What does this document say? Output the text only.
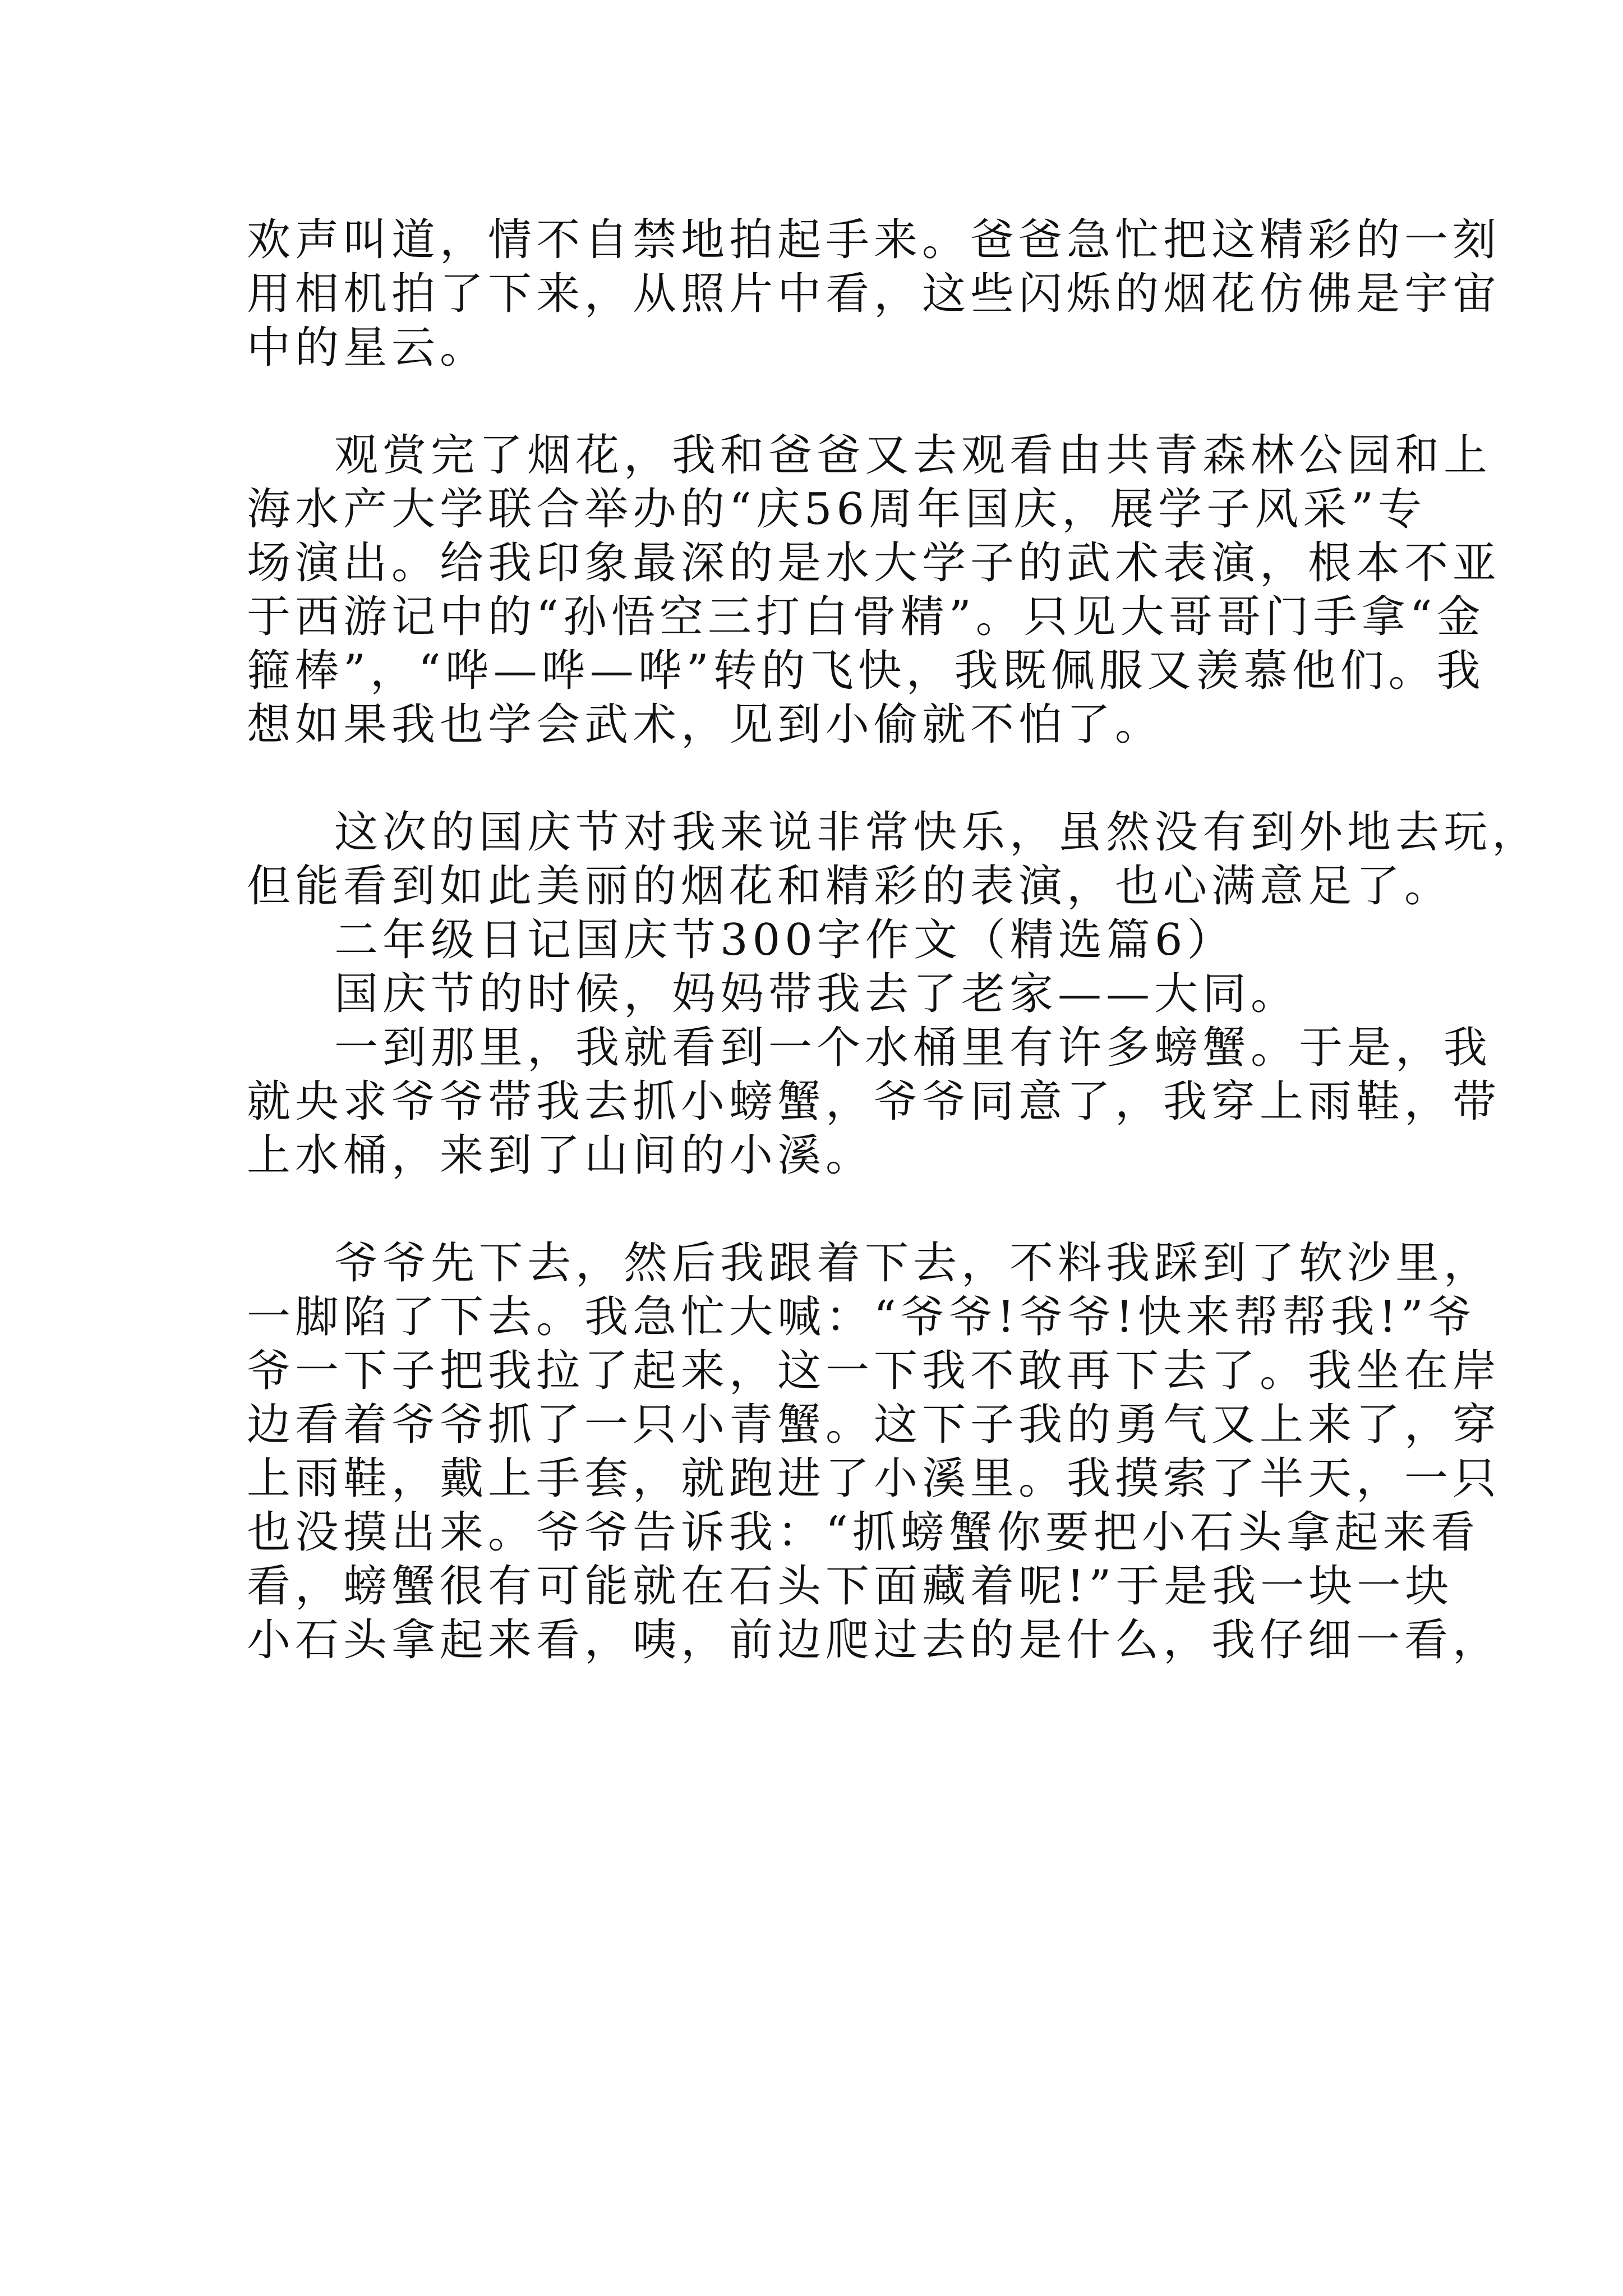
欢声叫道，情不自禁地拍起手来。爸爸急忙把这精彩的一刻

用相机拍了下来，从照片中看，这些闪烁的烟花仿佛是宇宙

中的星云。

观赏完了烟花，我和爸爸又去观看由共青森林公园和上

海水产大学联合举办的“庆56周年国庆，展学子风采”专

场演出。给我印象最深的是水大学子的武术表演，根本不亚

于西游记中的“孙悟空三打白骨精”。只见大哥哥门手拿“金

箍棒”，“哗—哗—哗”转的飞快，我既佩服又羡慕他们。我

想如果我也学会武术，见到小偷就不怕了。

这次的国庆节对我来说非常快乐，虽然没有到外地去玩，

但能看到如此美丽的烟花和精彩的表演，也心满意足了。

二年级日记国庆节300字作文（精选篇6）

国庆节的时候，妈妈带我去了老家——大同。

一到那里，我就看到一个水桶里有许多螃蟹。于是，我

就央求爷爷带我去抓小螃蟹，爷爷同意了，我穿上雨鞋，带

上水桶，来到了山间的小溪。

爷爷先下去，然后我跟着下去，不料我踩到了软沙里，

一脚陷了下去。我急忙大喊：“爷爷!爷爷!快来帮帮我!”爷

爷一下子把我拉了起来，这一下我不敢再下去了。我坐在岸

边看着爷爷抓了一只小青蟹。这下子我的勇气又上来了，穿

上雨鞋，戴上手套，就跑进了小溪里。我摸索了半天，一只

也没摸出来。爷爷告诉我：“抓螃蟹你要把小石头拿起来看

看，螃蟹很有可能就在石头下面藏着呢!”于是我一块一块

小石头拿起来看，咦，前边爬过去的是什么，我仔细一看，
